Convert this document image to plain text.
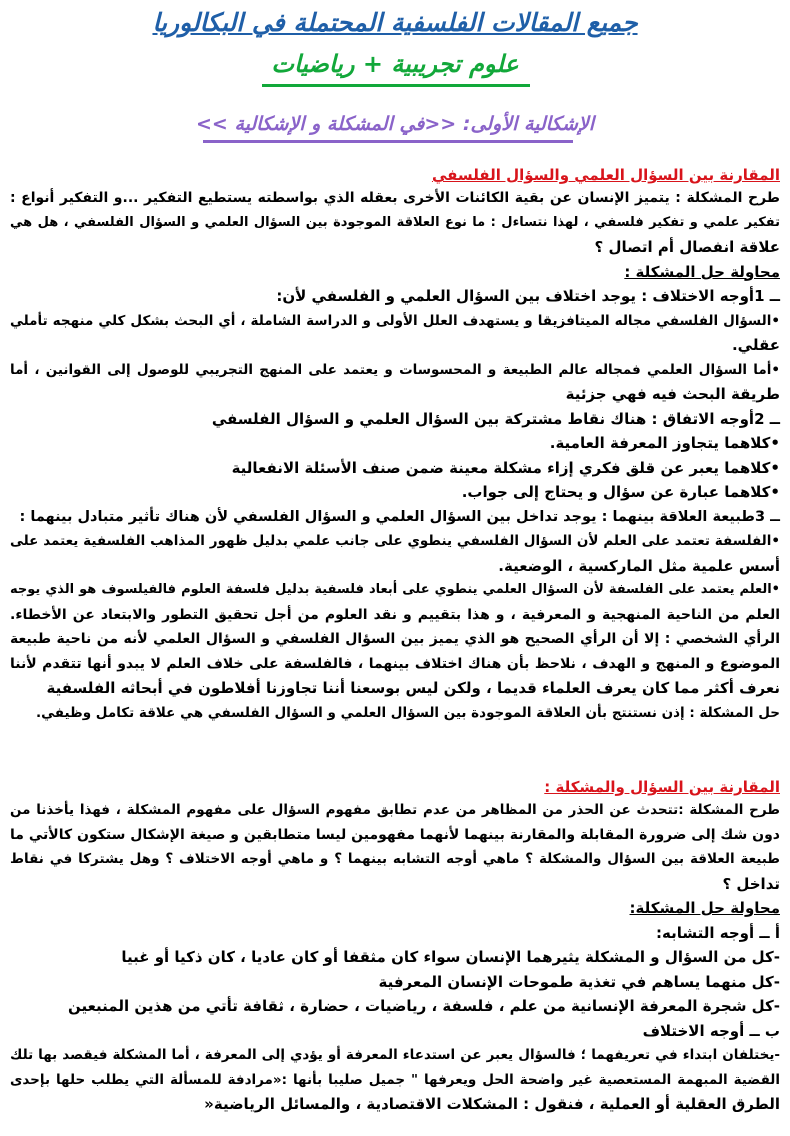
جميع المقالات الفلسفية المحتملة في البكالوريا
علوم تجريبية + رياضيات
الإشكالية الأولى: <<في المشكلة و الإشكالية >>
المقارنة بين السؤال العلمي والسؤال الفلسفي
طرح المشكلة : يتميز الإنسان عن بقية الكائنات الأخرى بعقله الذي بواسطته يستطيع التفكير ...و التفكير أنواع :
تفكير علمي و تفكير فلسفي ، لهذا نتساءل : ما نوع العلاقة الموجودة بين السؤال العلمي و السؤال الفلسفي ، هل هي
علاقة انفصال أم اتصال ؟
محاولة حل المشكلة :
ــ 1أوجه الاختلاف : يوجد اختلاف بين السؤال العلمي و الفلسفي لأن:
•السؤال الفلسفي مجاله الميتافزيقا و يستهدف العلل الأولى و الدراسة الشاملة ، أي البحث بشكل كلي منهجه تأملي
عقلي.
•أما السؤال العلمي فمجاله عالم الطبيعة و المحسوسات و يعتمد على المنهج التجريبي للوصول إلى القوانين ، أما
طريقة البحث فيه فهي جزئية
ــ 2أوجه الاتفاق : هناك نقاط مشتركة بين السؤال العلمي و السؤال الفلسفي
•كلاهما يتجاوز المعرفة العامية.
•كلاهما يعبر عن قلق فكري إزاء مشكلة معينة ضمن صنف الأسئلة الانفعالية
•كلاهما عبارة عن سؤال و يحتاج إلى جواب.
ــ 3طبيعة العلاقة بينهما : يوجد تداخل بين السؤال العلمي و السؤال الفلسفي لأن هناك تأثير متبادل بينهما :
•الفلسفة تعتمد على العلم لأن السؤال الفلسفي ينطوي على جانب علمي بدليل ظهور المذاهب الفلسفية يعتمد على
أسس علمية مثل الماركسية ، الوضعية.
•العلم يعتمد على الفلسفة لأن السؤال العلمي ينطوي على أبعاد فلسفية بدليل فلسفة العلوم فالفيلسوف هو الذي يوجه
العلم من الناحية المنهجية و المعرفية ، و هذا بتقييم و نقد العلوم من أجل تحقيق التطور والابتعاد عن الأخطاء.
الرأي الشخصي : إلا أن الرأي الصحيح هو الذي يميز بين السؤال الفلسفي و السؤال العلمي لأنه من ناحية طبيعة
الموضوع و المنهج و الهدف ، نلاحظ بأن هناك اختلاف بينهما ، فالفلسفة على خلاف العلم لا يبدو أنها تتقدم لأننا
نعرف أكثر مما كان يعرف العلماء قديما ، ولكن ليس بوسعنا أننا تجاوزنا أفلاطون في أبحاثه الفلسفية
حل المشكلة : إذن نستنتج بأن العلاقة الموجودة بين السؤال العلمي و السؤال الفلسفي هي علاقة تكامل وظيفي.
المقارنة بين السؤال والمشكلة :
طرح المشكلة :تتحدث عن الحذر من المظاهر من عدم تطابق مفهوم السؤال على مفهوم المشكلة ، فهذا يأخذنا من
دون شك إلى ضرورة المقابلة والمقارنة بينهما لأنهما مفهومين ليسا متطابقين و صيغة الإشكال ستكون كالأتي ما
طبيعة العلاقة بين السؤال والمشكلة ؟ ماهي أوجه التشابه بينهما ؟ و ماهي أوجه الاختلاف ؟ وهل يشتركا في نقاط
تداخل ؟
محاولة حل المشكلة:
أ ــ أوجه التشابه:
-كل من السؤال و المشكلة يثيرهما الإنسان سواء كان مثقفا أو كان عاديا ، كان ذكيا أو غبيا
-كل منهما يساهم في تغذية طموحات الإنسان المعرفية
-كل شجرة المعرفة الإنسانية من علم ، فلسفة ، رياضيات ، حضارة ، ثقافة تأتي من هذين المنبعين
ب ــ أوجه الاختلاف
-يختلفان ابتداء في تعريفهما ؛ فالسؤال يعبر عن استدعاء المعرفة أو يؤدي إلى المعرفة ، أما المشكلة فيقصد بها تلك
القضية المبهمة المستعصية غير واضحة الحل ويعرفها " جميل صليبا بأنها :«مرادفة للمسألة التي يطلب حلها بإحدى
الطرق العقلية أو العملية ، فنقول : المشكلات الاقتصادية ، والمسائل الرياضية«
